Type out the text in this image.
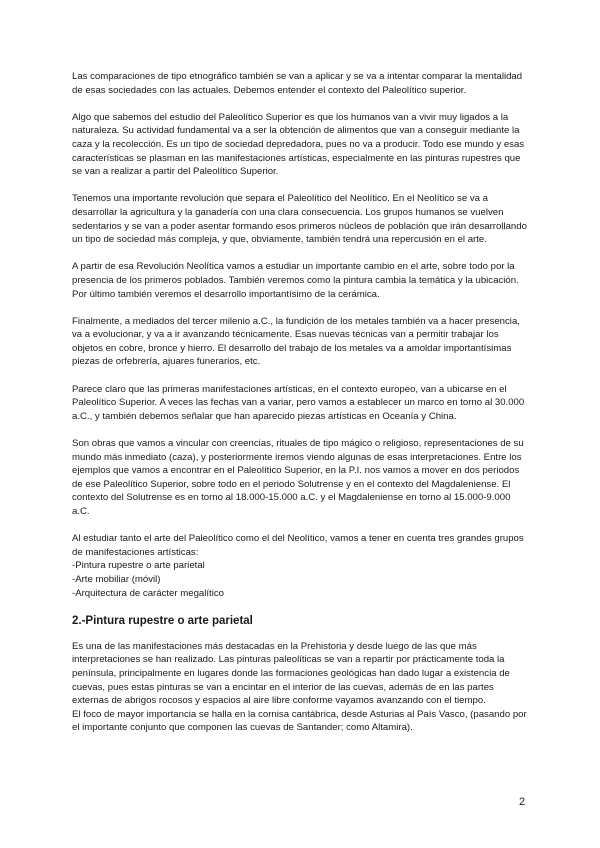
Las comparaciones de tipo etnográfico también se van a aplicar y se va a intentar comparar la mentalidad de esas sociedades con las actuales. Debemos entender el contexto del Paleolítico superior.

Algo que sabemos del estudio del Paleolítico Superior es que los humanos van a vivir muy ligados a la naturaleza. Su actividad fundamental va a ser la obtención de alimentos que van a conseguir mediante la caza y la recolección. Es un tipo de sociedad depredadora, pues no va a producir. Todo ese mundo y esas características se plasman en las manifestaciones artísticas, especialmente en las pinturas rupestres que se van a realizar a partir del Paleolítico Superior.

Tenemos una importante revolución que separa el Paleolítico del Neolítico. En el Neolítico se va a desarrollar la agricultura y la ganadería con una clara consecuencia. Los grupos humanos se vuelven sedentarios y se van a poder asentar formando esos primeros núcleos de población que irán desarrollando un tipo de sociedad más compleja, y que, obviamente, también tendrá una repercusión en el arte.

A partir de esa Revolución Neolítica vamos a estudiar un importante cambio en el arte, sobre todo por la presencia de los primeros poblados. También veremos como la pintura cambia la temática y la ubicación. Por último también veremos el desarrollo importantísimo de la cerámica.

Finalmente, a mediados del tercer milenio a.C., la fundición de los metales también va a hacer presencia, va a evolucionar, y va a ir avanzando técnicamente. Esas nuevas técnicas van a permitir trabajar los objetos en cobre, bronce y hierro. El desarrollo del trabajo de los metales va a amoldar importantísimas piezas de orfebrería, ajuares funerarios, etc.

Parece claro que las primeras manifestaciones artísticas, en el contexto europeo, van a ubicarse en el Paleolítico Superior. A veces las fechas van a variar, pero vamos a establecer un marco en torno al 30.000 a.C., y también debemos señalar que han aparecido piezas artísticas en Oceanía y China.

Son obras que vamos a vincular con creencias, rituales de tipo mágico o religioso, representaciones de su mundo más inmediato (caza), y posteriormente iremos viendo algunas de esas interpretaciones. Entre los ejemplos que vamos a encontrar en el Paleolítico Superior, en la P.I. nos vamos a mover en dos periodos de ese Paleolítico Superior, sobre todo en el periodo Solutrense y en el contexto del Magdaleniense. El contexto del Solutrense es en torno al 18.000-15.000 a.C. y el Magdaleniense en torno al 15.000-9.000 a.C.

Al estudiar tanto el arte del Paleolítico como el del Neolítico, vamos a tener en cuenta tres grandes grupos de manifestaciones artísticas:

-Pintura rupestre o arte parietal
-Arte mobiliar (móvil)
-Arquitectura de carácter megalítico
2.-Pintura rupestre o arte parietal

Es una de las manifestaciones más destacadas en la Prehistoria y desde luego de las que más interpretaciones se han realizado. Las pinturas paleolíticas se van a repartir por prácticamente toda la península, principalmente en lugares donde las formaciones geológicas han dado lugar a existencia de cuevas, pues estas pinturas se van a encintar en el interior de las cuevas, además de en las partes externas de abrigos rocosos y espacios al aire libre conforme vayamos avanzando con el tiempo.

El foco de mayor importancia se halla en la cornisa cantábrica, desde Asturias al País Vasco, (pasando por el importante conjunto que componen las cuevas de Santander; como Altamira).

2
